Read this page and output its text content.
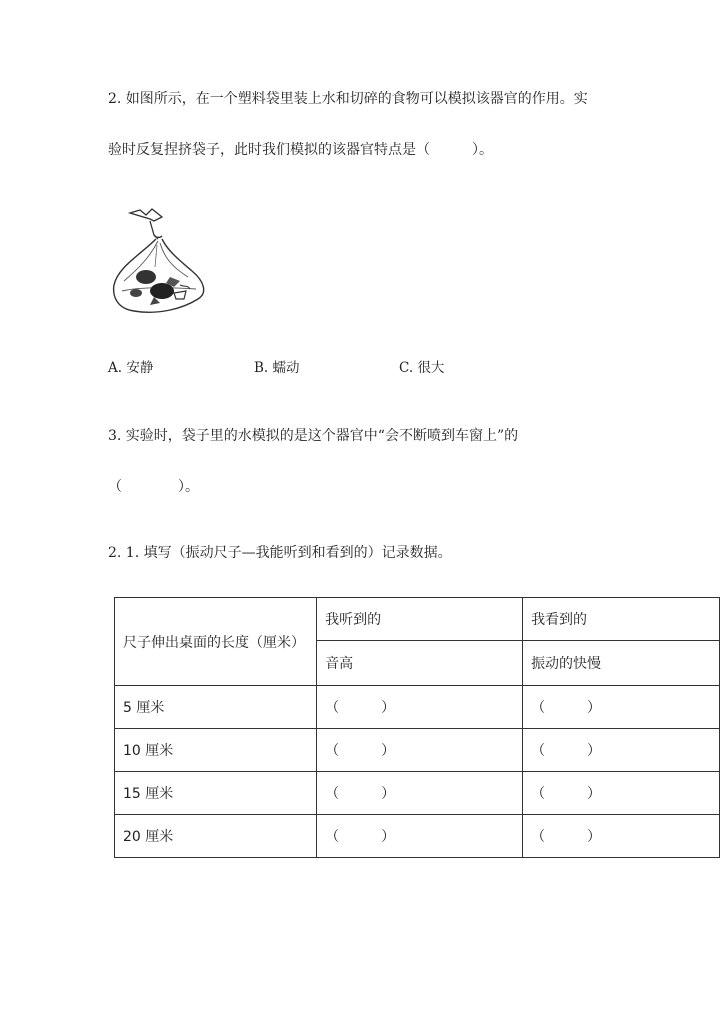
2. 如图所示，在一个塑料袋里装上水和切碎的食物可以模拟该器官的作用。实
验时反复捏挤袋子，此时我们模拟的该器官特点是（　　　）。
A. 安静	B. 蠕动	C. 很大
3. 实验时，袋子里的水模拟的是这个器官中“会不断喷到车窗上”的
（　　　　）。
2. 1. 填写（振动尺子—我能听到和看到的）记录数据。
尺子伸出桌面的长度（厘米）	我听到的	我看到的
	音高	振动的快慢
5 厘米	（　　　）	（　　　）
10 厘米	（　　　）	（　　　）
15 厘米	（　　　）	（　　　）
20 厘米	（　　　）	（　　　）
